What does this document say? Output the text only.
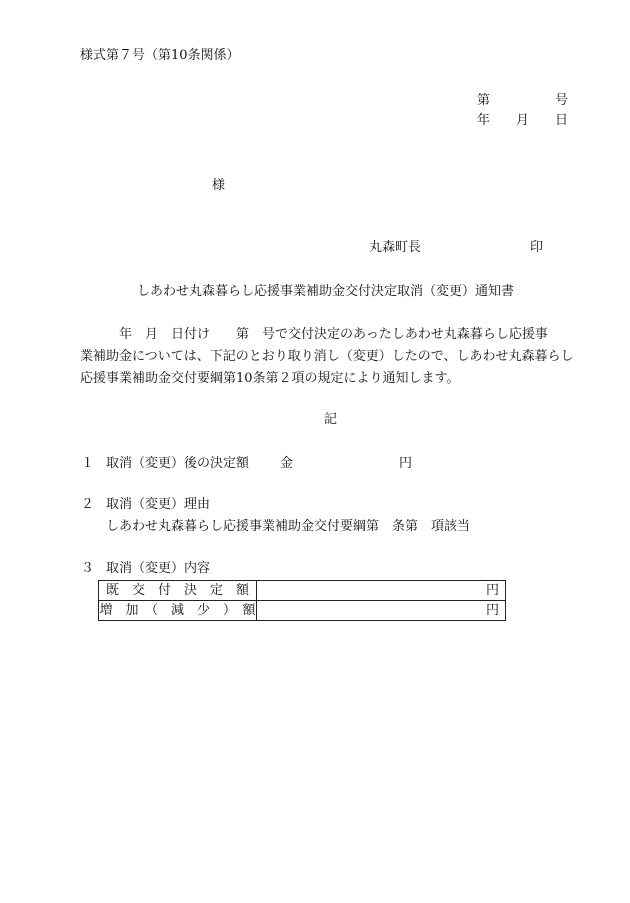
様式第７号（第10条関係）
第　　　　　号
年　　月　　日
様
丸森町長	印
しあわせ丸森暮らし応援事業補助金交付決定取消（変更）通知書
　　　年　月　日付け　　第　号で交付決定のあったしあわせ丸森暮らし応援事
業補助金については、下記のとおり取り消し（変更）したので、しあわせ丸森暮らし
応援事業補助金交付要綱第10条第２項の規定により通知します。
記
１ 取消（変更）後の決定額 金	円
２ 取消（変更）理由
しあわせ丸森暮らし応援事業補助金交付要綱第　条第　項該当
３ 取消（変更）内容
既　交　付　決　定　額	円
増　加　（　減　少　）　額	円
